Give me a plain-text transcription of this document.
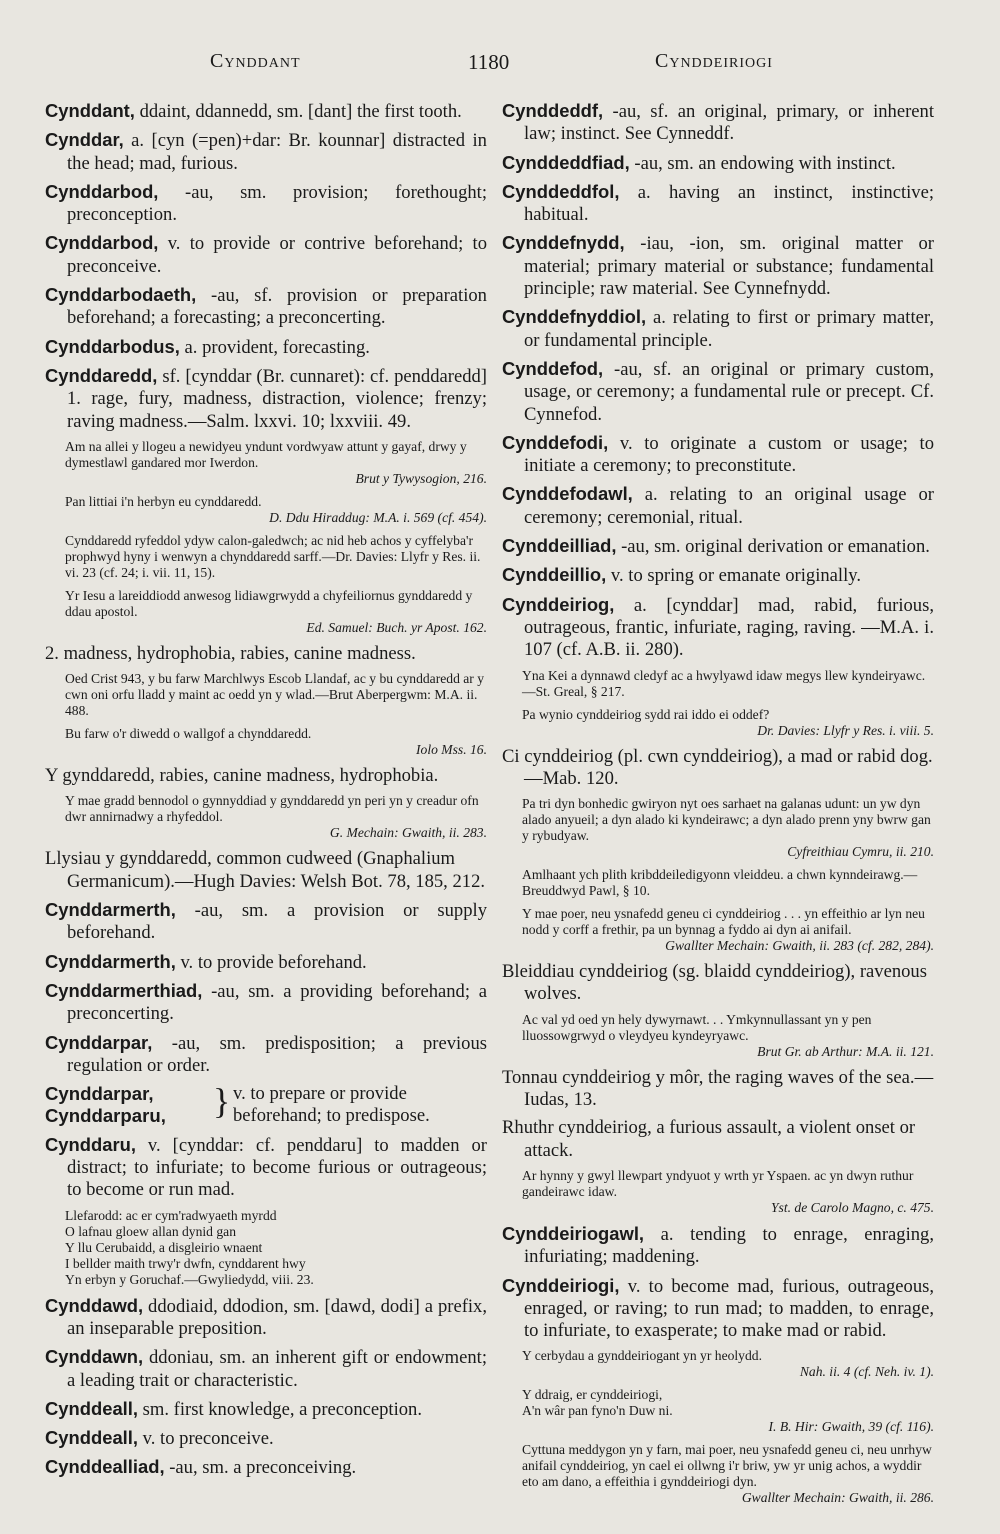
Cynddant	1180	Cynddeiriogi

Cynddant, ddaint, ddannedd, sm. [dant] the first tooth.

Cynddar, a. [cyn (=pen)+dar: Br. kounnar] distracted in the head; mad, furious.

Cynddarbod, -au, sm. provision; forethought; preconception.

Cynddarbod, v. to provide or contrive beforehand; to preconceive.

Cynddarbodaeth, -au, sf. provision or preparation beforehand; a forecasting; a preconcerting.

Cynddarbodus, a. provident, forecasting.

Cynddaredd, sf. [cynddar (Br. cunnaret): cf. penddaredd] 1. rage, fury, madness, distraction, violence; frenzy; raving madness.—Salm. lxxvi. 10; lxxviii. 49.

Am na allei y llogeu a newidyeu yndunt vordwyaw attunt y gayaf, drwy y dymestlawl gandared mor Iwerdon.
Brut y Tywysogion, 216.
Pan littiai i'n herbyn eu cynddaredd.
D. Ddu Hiraddug: M.A. i. 569 (cf. 454).
Cynddaredd ryfeddol ydyw calon-galedwch; ac nid heb achos y cyffelyba'r prophwyd hyny i wenwyn a chynddaredd sarff.—Dr. Davies: Llyfr y Res. ii. vi. 23 (cf. 24; i. vii. 11, 15).
Yr Iesu a lareiddiodd anwesog lidiawgrwydd a chyfeiliornus gynddaredd y ddau apostol.
Ed. Samuel: Buch. yr Apost. 162.

2. madness, hydrophobia, rabies, canine madness.

Oed Crist 943, y bu farw Marchlwys Escob Llandaf, ac y bu cynddaredd ar y cwn oni orfu lladd y maint ac oedd yn y wlad.—Brut Aberpergwm: M.A. ii. 488.
Bu farw o'r diwedd o wallgof a chynddaredd.
Iolo Mss. 16.

Y gynddaredd, rabies, canine madness, hydrophobia.

Y mae gradd bennodol o gynnyddiad y gynddaredd yn peri yn y creadur ofn dwr annirnadwy a rhyfeddol.
G. Mechain: Gwaith, ii. 283.

Llysiau y gynddaredd, common cudweed (Gnaphalium Germanicum).—Hugh Davies: Welsh Bot. 78, 185, 212.

Cynddarmerth, -au, sm. a provision or supply beforehand.

Cynddarmerth, v. to provide beforehand.

Cynddarmerthiad, -au, sm. a providing beforehand; a preconcerting.

Cynddarpar, -au, sm. predisposition; a previous regulation or order.

Cynddarpar,
Cynddarparu,	} v. to prepare or provide beforehand; to predispose.

Cynddaru, v. [cynddar: cf. penddaru] to madden or distract; to infuriate; to become furious or outrageous; to become or run mad.

Llefarodd: ac er cym'radwyaeth myrdd
O lafnau gloew allan dynid gan
Y llu Cerubaidd, a disgleirio wnaent
I bellder maith trwy'r dwfn, cynddarent hwy
Yn erbyn y Goruchaf.—Gwyliedydd, viii. 23.

Cynddawd, ddodiaid, ddodion, sm. [dawd, dodi] a prefix, an inseparable preposition.

Cynddawn, ddoniau, sm. an inherent gift or endowment; a leading trait or characteristic.

Cynddeall, sm. first knowledge, a preconception.

Cynddeall, v. to preconceive.

Cynddealliad, -au, sm. a preconceiving.

Cynddeddf, -au, sf. an original, primary, or inherent law; instinct. See Cynneddf.

Cynddeddfiad, -au, sm. an endowing with instinct.

Cynddeddfol, a. having an instinct, instinctive; habitual.

Cynddefnydd, -iau, -ion, sm. original matter or material; primary material or substance; fundamental principle; raw material. See Cynnefnydd.

Cynddefnyddiol, a. relating to first or primary matter, or fundamental principle.

Cynddefod, -au, sf. an original or primary custom, usage, or ceremony; a fundamental rule or precept. Cf. Cynnefod.

Cynddefodi, v. to originate a custom or usage; to initiate a ceremony; to preconstitute.

Cynddefodawl, a. relating to an original usage or ceremony; ceremonial, ritual.

Cynddeilliad, -au, sm. original derivation or emanation.

Cynddeillio, v. to spring or emanate originally.

Cynddeiriog, a. [cynddar] mad, rabid, furious, outrageous, frantic, infuriate, raging, raving. —M.A. i. 107 (cf. A.B. ii. 280).

Yna Kei a dynnawd cledyf ac a hwylyawd idaw megys llew kyndeiryawc.—St. Greal, § 217.
Pa wynio cynddeiriog sydd rai iddo ei oddef?
Dr. Davies: Llyfr y Res. i. viii. 5.

Ci cynddeiriog (pl. cwn cynddeiriog), a mad or rabid dog.—Mab. 120.

Pa tri dyn bonhedic gwiryon nyt oes sarhaet na galanas udunt: un yw dyn alado anyueil; a dyn alado ki kyndeirawc; a dyn alado prenn yny bwrw gan y rybudyaw.
Cyfreithiau Cymru, ii. 210.
Amlhaant ych plith kribddeiledigyonn vleiddeu. a chwn kynndeirawg.—Breuddwyd Pawl, § 10.
Y mae poer, neu ysnafedd geneu ci cynddeiriog . . . yn effeithio ar lyn neu nodd y corff a frethir, pa un bynnag a fyddo ai dyn ai anifail.
Gwallter Mechain: Gwaith, ii. 283 (cf. 282, 284).

Bleiddiau cynddeiriog (sg. blaidd cynddeiriog), ravenous wolves.

Ac val yd oed yn hely dywyrnawt. . . Ymkynnullassant yn y pen lluossowgrwyd o vleydyeu kyndeyryawc.
Brut Gr. ab Arthur: M.A. ii. 121.

Tonnau cynddeiriog y môr, the raging waves of the sea.—Iudas, 13.

Rhuthr cynddeiriog, a furious assault, a violent onset or attack.

Ar hynny y gwyl llewpart yndyuot y wrth yr Yspaen. ac yn dwyn ruthur gandeirawc idaw.
Yst. de Carolo Magno, c. 475.

Cynddeiriogawl, a. tending to enrage, enraging, infuriating; maddening.

Cynddeiriogi, v. to become mad, furious, outrageous, enraged, or raving; to run mad; to madden, to enrage, to infuriate, to exasperate; to make mad or rabid.

Y cerbydau a gynddeiriogant yn yr heolydd.
Nah. ii. 4 (cf. Neh. iv. 1).
Y ddraig, er cynddeiriogi,
A'n wâr pan fyno'n Duw ni.
I. B. Hir: Gwaith, 39 (cf. 116).
Cyttuna meddygon yn y farn, mai poer, neu ysnafedd geneu ci, neu unrhyw anifail cynddeiriog, yn cael ei ollwng i'r briw, yw yr unig achos, a wyddir eto am dano, a effeithia i gynddeiriogi dyn.
Gwallter Mechain: Gwaith, ii. 286.
